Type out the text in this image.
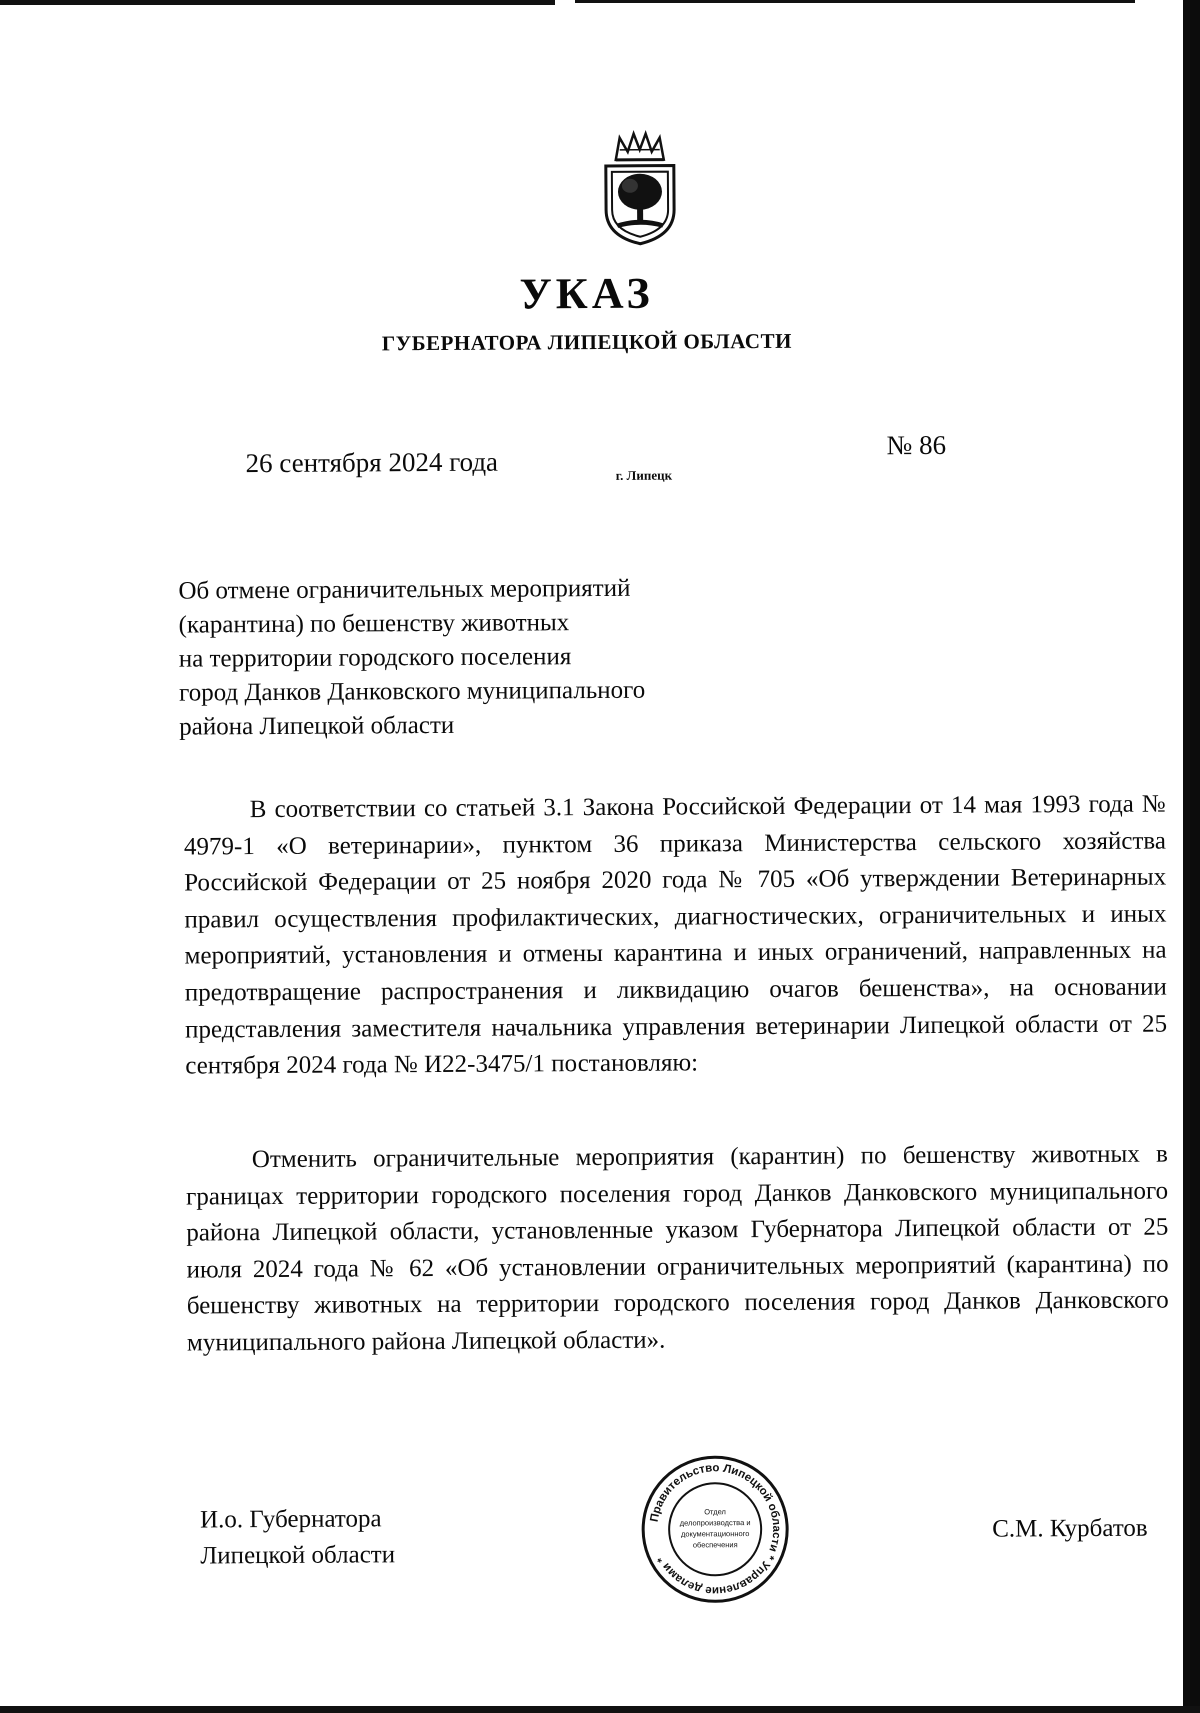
УКАЗ
ГУБЕРНАТОРА ЛИПЕЦКОЙ ОБЛАСТИ
26 сентября 2024 года	г. Липецк
№ 86
Об отмене ограничительных мероприятий
(карантина) по бешенству животных
на территории городского поселения
город Данков Данковского муниципального
района Липецкой области
В соответствии со статьей 3.1 Закона Российской Федерации от 14 мая 1993 года № 4979-1 «О ветеринарии», пунктом 36 приказа Министерства сельского хозяйства Российской Федерации от 25 ноября 2020 года № 705 «Об утверждении Ветеринарных правил осуществления профилактических, диагностических, ограничительных и иных мероприятий, установления и отмены карантина и иных ограничений, направленных на предотвращение распространения и ликвидацию очагов бешенства», на основании представления заместителя начальника управления ветеринарии Липецкой области от 25 сентября 2024 года № И22-3475/1 постановляю:
Отменить ограничительные мероприятия (карантин) по бешенству животных в границах территории городского поселения город Данков Данковского муниципального района Липецкой области, установленные указом Губернатора Липецкой области от 25 июля 2024 года № 62 «Об установлении ограничительных мероприятий (карантина) по бешенству животных на территории городского поселения город Данков Данковского муниципального района Липецкой области».
И.о. Губернатора
Липецкой области
Правительство Липецкой области * Управление делами *
Отдел
делопроизводства и
документационного
обеспечения
С.М. Курбатов
